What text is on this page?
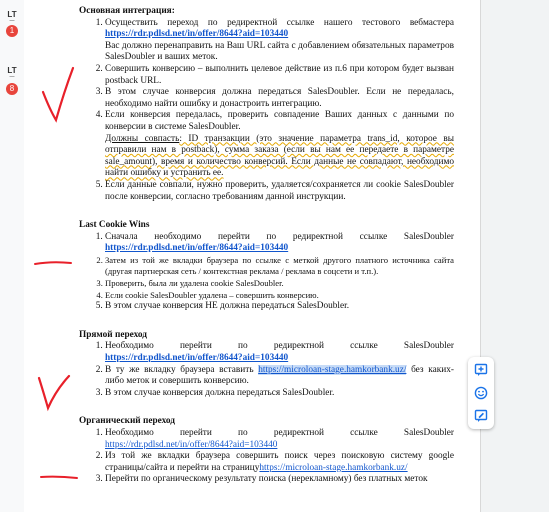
LT
—
1
LT
—
8

Основная интеграция:

1. Осуществить переход по редиректной ссылке нашего тестового вебмастера https://rdr.pdlsd.net/in/offer/8644?aid=103440
Вас должно перенаправить на Ваш URL сайта с добавлением обязательных параметров SalesDoubler и ваших меток.
2. Совершить конверсию – выполнить целевое действие из п.6 при котором будет вызван postback URL.
3. В этом случае конверсия должна передаться SalesDoubler. Если не передалась, необходимо найти ошибку и донастроить интеграцию.
4. Если конверсия передалась, проверить совпадение Ваших данных с данными по конверсии в системе SalesDoubler.
Должны совпасть: ID транзакции (это значение параметра trans_id, которое вы отправили нам в postback), сумма заказа (если вы нам ее передаете в параметре sale_amount), время и количество конверсий. Если данные не совпадают, необходимо найти ошибку и устранить ее.
5. Если данные совпали, нужно проверить, удаляется/сохраняется ли cookie SalesDoubler после конверсии, согласно требованиям данной инструкции.

Last Cookie Wins

1. Сначала необходимо перейти по редиректной ссылке SalesDoubler https://rdr.pdlsd.net/in/offer/8644?aid=103440
2. Затем из той же вкладки браузера по ссылке с меткой другого платного источника сайта (другая партнерская сеть / контекстная реклама / реклама в соцсети и т.п.).
3. Проверить, была ли удалена cookie SalesDoubler.
4. Если cookie SalesDoubler удалена – совершить конверсию.
5. В этом случае конверсия НЕ должна передаться SalesDoubler.

Прямой переход

1. Необходимо перейти по редиректной ссылке SalesDoubler https://rdr.pdlsd.net/in/offer/8644?aid=103440
2. В ту же вкладку браузера вставить https://microloan-stage.hamkorbank.uz/ без каких-либо меток и совершить конверсию.
3. В этом случае конверсия должна передаться SalesDoubler.

Органический переход

1. Необходимо перейти по редиректной ссылке SalesDoubler https://rdr.pdlsd.net/in/offer/8644?aid=103440
2. Из той же вкладки браузера совершить поиск через поисковую систему google страницы/сайта и перейти на страницуhttps://microloan-stage.hamkorbank.uz/
3. Перейти по органическому результату поиска (нерекламному) без платных меток
